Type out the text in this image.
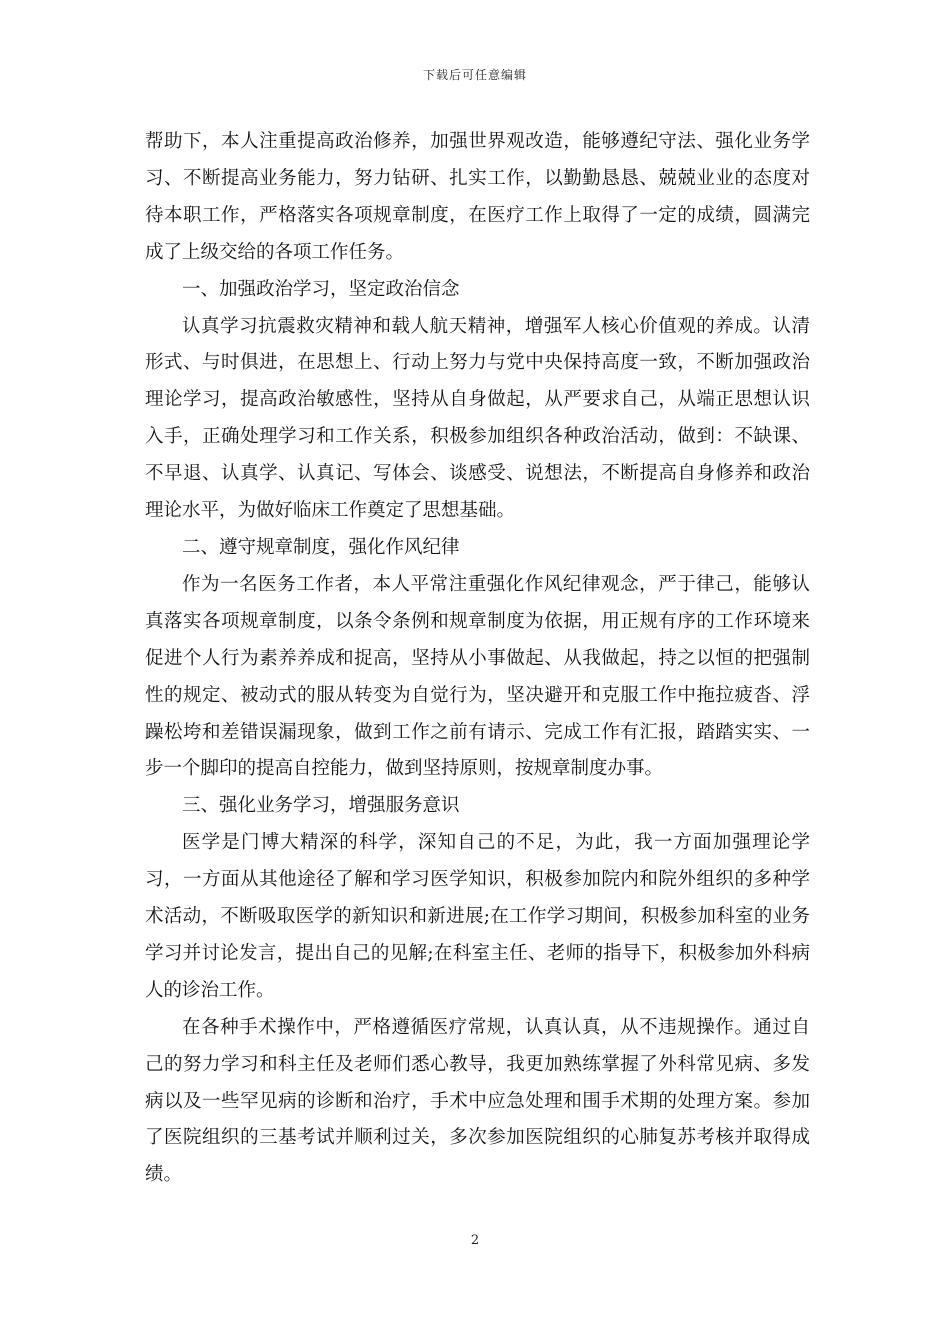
下载后可任意编辑

帮助下，本人注重提高政治修养，加强世界观改造，能够遵纪守法、强化业务学习、不断提高业务能力，努力钻研、扎实工作，以勤勤恳恳、兢兢业业的态度对待本职工作，严格落实各项规章制度，在医疗工作上取得了一定的成绩，圆满完成了上级交给的各项工作任务。

一、加强政治学习，坚定政治信念

认真学习抗震救灾精神和载人航天精神，增强军人核心价值观的养成。认清形式、与时俱进，在思想上、行动上努力与党中央保持高度一致，不断加强政治理论学习，提高政治敏感性，坚持从自身做起，从严要求自己，从端正思想认识入手，正确处理学习和工作关系，积极参加组织各种政治活动，做到：不缺课、不早退、认真学、认真记、写体会、谈感受、说想法，不断提高自身修养和政治理论水平，为做好临床工作奠定了思想基础。

二、遵守规章制度，强化作风纪律

作为一名医务工作者，本人平常注重强化作风纪律观念，严于律己，能够认真落实各项规章制度，以条令条例和规章制度为依据，用正规有序的工作环境来促进个人行为素养养成和捉高，坚持从小事做起、从我做起，持之以恒的把强制性的规定、被动式的服从转变为自觉行为，坚决避开和克服工作中拖拉疲沓、浮躁松垮和差错误漏现象，做到工作之前有请示、完成工作有汇报，踏踏实实、一步一个脚印的提高自控能力，做到坚持原则，按规章制度办事。

三、强化业务学习，增强服务意识

医学是门博大精深的科学，深知自己的不足，为此，我一方面加强理论学习，一方面从其他途径了解和学习医学知识，积极参加院内和院外组织的多种学术活动，不断吸取医学的新知识和新进展;在工作学习期间，积极参加科室的业务学习并讨论发言，提出自己的见解;在科室主任、老师的指导下，积极参加外科病人的诊治工作。

在各种手术操作中，严格遵循医疗常规，认真认真，从不违规操作。通过自己的努力学习和科主任及老师们悉心教导，我更加熟练掌握了外科常见病、多发病以及一些罕见病的诊断和治疗，手术中应急处理和围手术期的处理方案。参加了医院组织的三基考试并顺利过关，多次参加医院组织的心肺复苏考核并取得成绩。

2
